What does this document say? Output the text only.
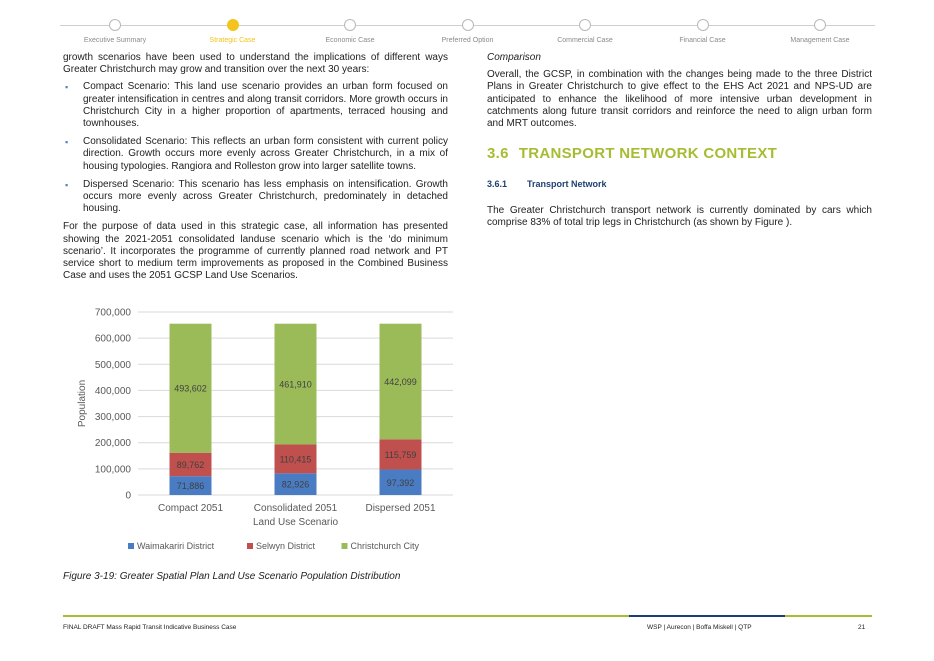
Executive Summary	Strategic Case	Economic Case	Preferred Option	Commercial Case	Financial Case	Management Case

growth scenarios have been used to understand the implications of different ways Greater Christchurch may grow and transition over the next 30 years:

▪ Compact Scenario: This land use scenario provides an urban form focused on greater intensification in centres and along transit corridors. More growth occurs in Christchurch City in a higher proportion of apartments, terraced housing and townhouses.
▪ Consolidated Scenario: This reflects an urban form consistent with current policy direction. Growth occurs more evenly across Greater Christchurch, in a mix of housing typologies. Rangiora and Rolleston grow into larger satellite towns.
▪ Dispersed Scenario: This scenario has less emphasis on intensification. Growth occurs more evenly across Greater Christchurch, predominately in detached housing.

For the purpose of data used in this strategic case, all information has presented showing the 2021-2051 consolidated landuse scenario which is the ‘do minimum scenario’. It incorporates the programme of currently planned road network and PT service short to medium term improvements as proposed in the Combined Business Case and uses the 2051 GCSP Land Use Scenarios.

0
100,000
200,000
300,000
400,000
500,000
600,000
700,000
Population
71,886
89,762
493,602
Compact 2051
82,926
110,415
461,910
Consolidated 2051
97,392
115,759
442,099
Dispersed 2051
Land Use Scenario
Waimakariri District	Selwyn District	Christchurch City
Figure 3-19: Greater Spatial Plan Land Use Scenario Population Distribution

Comparison

Overall, the GCSP, in combination with the changes being made to the three District Plans in Greater Christchurch to give effect to the EHS Act 2021 and NPS-UD are anticipated to enhance the likelihood of more intensive urban development in catchments along future transit corridors and reinforce the need to align urban form and MRT outcomes.

3.6 TRANSPORT NETWORK CONTEXT
3.6.1 Transport Network

The Greater Christchurch transport network is currently dominated by cars which comprise 83% of total trip legs in Christchurch (as shown by Figure ).

FINAL DRAFT Mass Rapid Transit Indicative Business Case	WSP | Aurecon | Boffa Miskell | QTP	21
